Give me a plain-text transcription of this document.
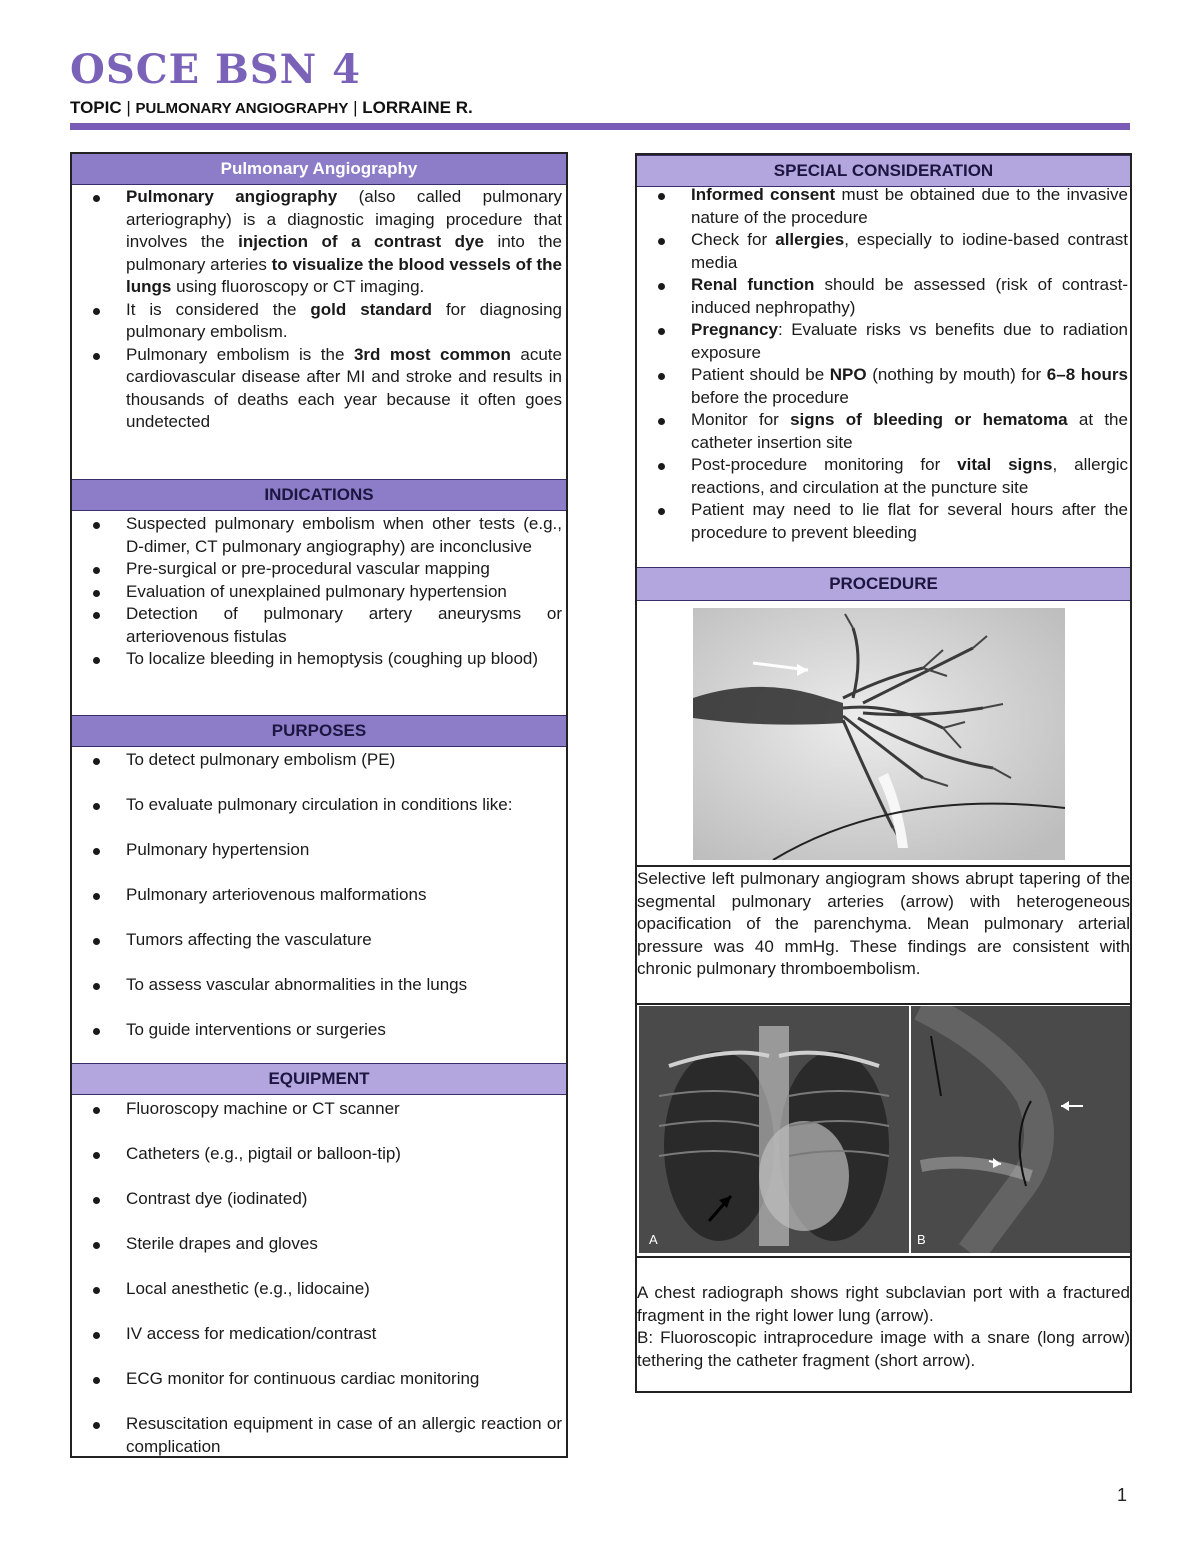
OSCE BSN 4
TOPIC | PULMONARY ANGIOGRAPHY | LORRAINE R.
Pulmonary Angiography
Pulmonary angiography (also called pulmonary arteriography) is a diagnostic imaging procedure that involves the injection of a contrast dye into the pulmonary arteries to visualize the blood vessels of the lungs using fluoroscopy or CT imaging.
It is considered the gold standard for diagnosing pulmonary embolism.
Pulmonary embolism is the 3rd most common acute cardiovascular disease after MI and stroke and results in thousands of deaths each year because it often goes undetected
INDICATIONS
Suspected pulmonary embolism when other tests (e.g., D-dimer, CT pulmonary angiography) are inconclusive
Pre-surgical or pre-procedural vascular mapping
Evaluation of unexplained pulmonary hypertension
Detection of pulmonary artery aneurysms or arteriovenous fistulas
To localize bleeding in hemoptysis (coughing up blood)
PURPOSES
To detect pulmonary embolism (PE)
To evaluate pulmonary circulation in conditions like:
Pulmonary hypertension
Pulmonary arteriovenous malformations
Tumors affecting the vasculature
To assess vascular abnormalities in the lungs
To guide interventions or surgeries
EQUIPMENT
Fluoroscopy machine or CT scanner
Catheters (e.g., pigtail or balloon-tip)
Contrast dye (iodinated)
Sterile drapes and gloves
Local anesthetic (e.g., lidocaine)
IV access for medication/contrast
ECG monitor for continuous cardiac monitoring
Resuscitation equipment in case of an allergic reaction or complication
SPECIAL CONSIDERATION
Informed consent must be obtained due to the invasive nature of the procedure
Check for allergies, especially to iodine-based contrast media
Renal function should be assessed (risk of contrast-induced nephropathy)
Pregnancy: Evaluate risks vs benefits due to radiation exposure
Patient should be NPO (nothing by mouth) for 6–8 hours before the procedure
Monitor for signs of bleeding or hematoma at the catheter insertion site
Post-procedure monitoring for vital signs, allergic reactions, and circulation at the puncture site
Patient may need to lie flat for several hours after the procedure to prevent bleeding
PROCEDURE
Selective left pulmonary angiogram shows abrupt tapering of the segmental pulmonary arteries (arrow) with heterogeneous opacification of the parenchyma. Mean pulmonary arterial pressure was 40 mmHg. These findings are consistent with chronic pulmonary thromboembolism.
A	B
A chest radiograph shows right subclavian port with a fractured fragment in the right lower lung (arrow).
B: Fluoroscopic intraprocedure image with a snare (long arrow) tethering the catheter fragment (short arrow).
1
